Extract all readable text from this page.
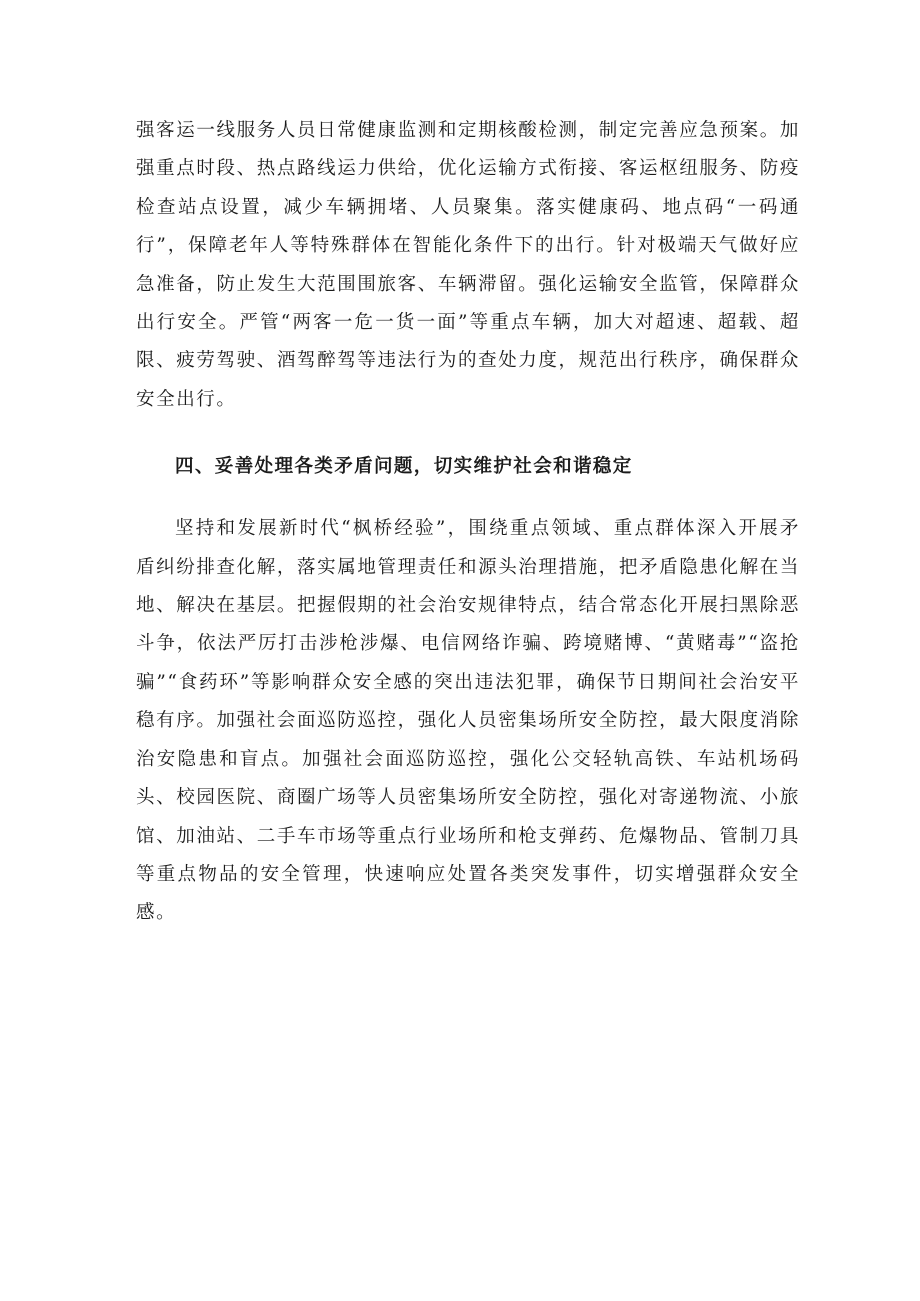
强客运一线服务人员日常健康监测和定期核酸检测，制定完善应急预案。加强重点时段、热点路线运力供给，优化运输方式衔接、客运枢纽服务、防疫检查站点设置，减少车辆拥堵、人员聚集。落实健康码、地点码“一码通行”，保障老年人等特殊群体在智能化条件下的出行。针对极端天气做好应急准备，防止发生大范围围旅客、车辆滞留。强化运输安全监管，保障群众出行安全。严管“两客一危一货一面”等重点车辆，加大对超速、超载、超限、疲劳驾驶、酒驾醉驾等违法行为的查处力度，规范出行秩序，确保群众安全出行。

四、妥善处理各类矛盾问题，切实维护社会和谐稳定

坚持和发展新时代“枫桥经验”，围绕重点领域、重点群体深入开展矛盾纠纷排查化解，落实属地管理责任和源头治理措施，把矛盾隐患化解在当地、解决在基层。把握假期的社会治安规律特点，结合常态化开展扫黑除恶斗争，依法严厉打击涉枪涉爆、电信网络诈骗、跨境赌博、“黄赌毒”“盗抢骗”“食药环”等影响群众安全感的突出违法犯罪，确保节日期间社会治安平稳有序。加强社会面巡防巡控，强化人员密集场所安全防控，最大限度消除治安隐患和盲点。加强社会面巡防巡控，强化公交轻轨高铁、车站机场码头、校园医院、商圈广场等人员密集场所安全防控，强化对寄递物流、小旅馆、加油站、二手车市场等重点行业场所和枪支弹药、危爆物品、管制刀具等重点物品的安全管理，快速响应处置各类突发事件，切实增强群众安全感。
